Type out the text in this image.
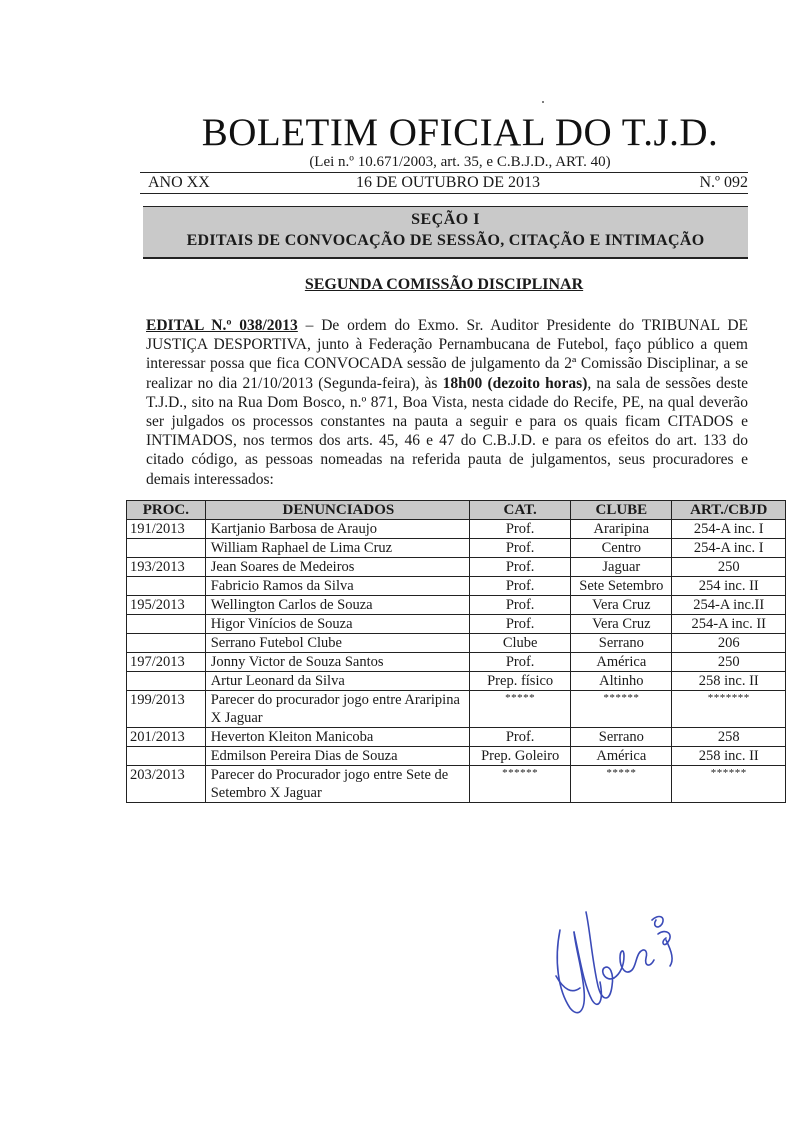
BOLETIM OFICIAL DO T.J.D.
(Lei n.º 10.671/2003, art. 35, e C.B.J.D., ART. 40)
ANO XX	16 DE OUTUBRO DE 2013	N.º 092
SEÇÃO I
EDITAIS DE CONVOCAÇÃO DE SESSÃO, CITAÇÃO E INTIMAÇÃO
SEGUNDA COMISSÃO DISCIPLINAR
EDITAL N.º 038/2013 – De ordem do Exmo. Sr. Auditor Presidente do TRIBUNAL DE JUSTIÇA DESPORTIVA, junto à Federação Pernambucana de Futebol, faço público a quem interessar possa que fica CONVOCADA sessão de julgamento da 2ª Comissão Disciplinar, a se realizar no dia 21/10/2013 (Segunda-feira), às 18h00 (dezoito horas), na sala de sessões deste T.J.D., sito na Rua Dom Bosco, n.º 871, Boa Vista, nesta cidade do Recife, PE, na qual deverão ser julgados os processos constantes na pauta a seguir e para os quais ficam CITADOS e INTIMADOS, nos termos dos arts. 45, 46 e 47 do C.B.J.D. e para os efeitos do art. 133 do citado código, as pessoas nomeadas na referida pauta de julgamentos, seus procuradores e demais interessados:
PROC.	DENUNCIADOS	CAT.	CLUBE	ART./CBJD
191/2013	Kartjanio Barbosa de Araujo	Prof.	Araripina	254-A inc. I
	William Raphael de Lima Cruz	Prof.	Centro	254-A inc. I
193/2013	Jean Soares de Medeiros	Prof.	Jaguar	250
	Fabricio Ramos da Silva	Prof.	Sete Setembro	254 inc. II
195/2013	Wellington Carlos de Souza	Prof.	Vera Cruz	254-A inc.II
	Higor Vinícios de Souza	Prof.	Vera Cruz	254-A inc. II
	Serrano Futebol Clube	Clube	Serrano	206
197/2013	Jonny Victor de Souza Santos	Prof.	América	250
	Artur Leonard da Silva	Prep. físico	Altinho	258 inc. II
199/2013	Parecer do procurador jogo entre Araripina X Jaguar	*****	******	*******
201/2013	Heverton Kleiton Manicoba	Prof.	Serrano	258
	Edmilson Pereira Dias de Souza	Prep. Goleiro	América	258 inc. II
203/2013	Parecer do Procurador jogo entre Sete de Setembro X Jaguar	******	*****	******
